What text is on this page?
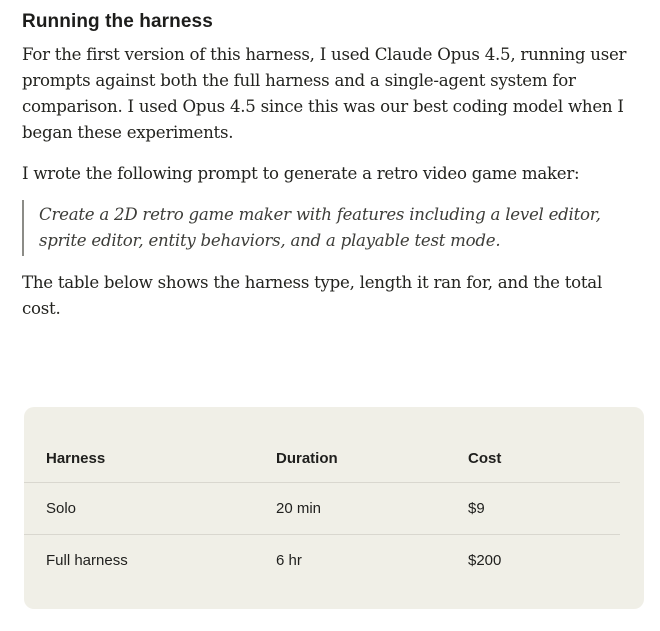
Running the harness

For the first version of this harness, I used Claude Opus 4.5, running user prompts against both the full harness and a single-agent system for comparison. I used Opus 4.5 since this was our best coding model when I began these experiments.

I wrote the following prompt to generate a retro video game maker:

Create a 2D retro game maker with features including a level editor, sprite editor, entity behaviors, and a playable test mode.

The table below shows the harness type, length it ran for, and the total cost.

Harness	Duration	Cost
Solo	20 min	$9
Full harness	6 hr	$200
